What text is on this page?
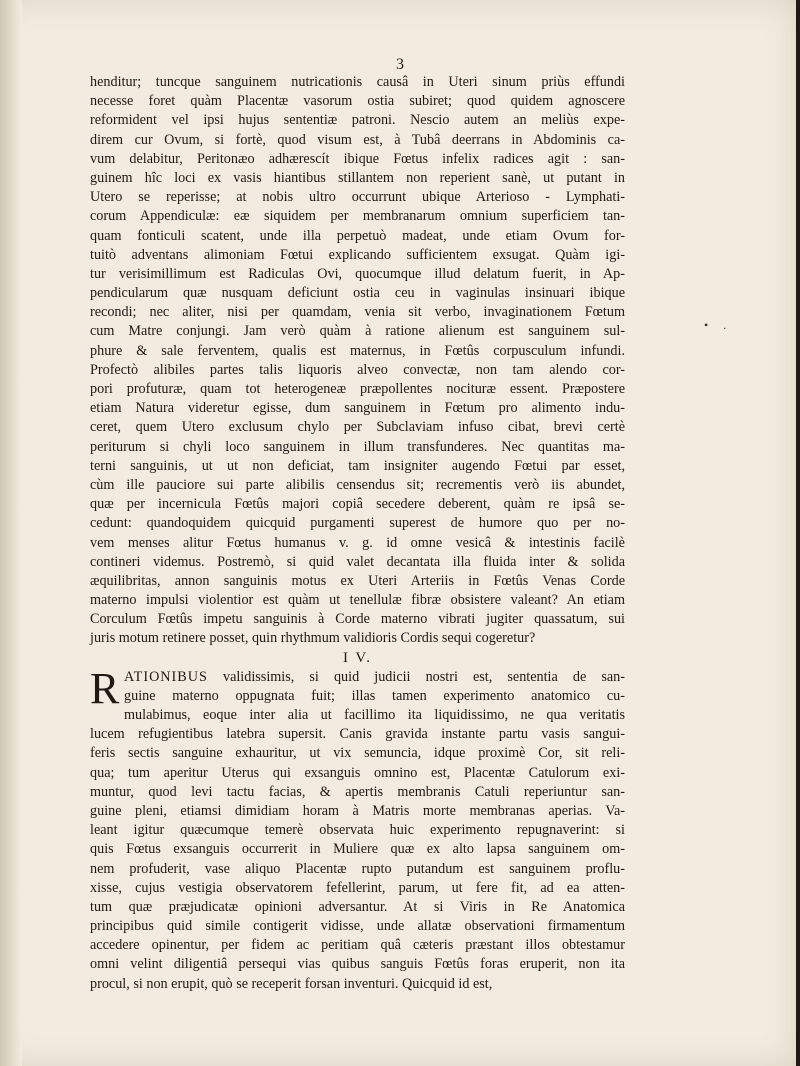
3
• .
henditur; tuncque sanguinem nutricationis causâ in Uteri sinum priùs effundi
necesse foret quàm Placentæ vasorum ostia subiret; quod quidem agnoscere
reformident vel ipsi hujus sententiæ patroni. Nescio autem an meliùs expe-
direm cur Ovum, si fortè, quod visum est, à Tubâ deerrans in Abdominis ca-
vum delabitur, Peritonæo adhærescít ibique Fœtus infelix radices agit : san-
guinem hîc loci ex vasis hiantibus stillantem non reperient sanè, ut putant in
Utero se reperisse; at nobis ultro occurrunt ubique Arterioso - Lymphati-
corum Appendiculæ: eæ siquidem per membranarum omnium superficiem tan-
quam fonticuli scatent, unde illa perpetuò madeat, unde etiam Ovum for-
tuitò adventans alimoniam Fœtui explicando sufficientem exsugat. Quàm igi-
tur verisimillimum est Radiculas Ovi, quocumque illud delatum fuerit, in Ap-
pendicularum quæ nusquam deficiunt ostia ceu in vaginulas insinuari ibique
recondi; nec aliter, nisi per quamdam, venia sit verbo, invaginationem Fœtum
cum Matre conjungi. Jam verò quàm à ratione alienum est sanguinem sul-
phure & sale ferventem, qualis est maternus, in Fœtûs corpusculum infundi.
Profectò alibiles partes talis liquoris alveo convectæ, non tam alendo cor-
pori profuturæ, quam tot heterogeneæ præpollentes nocituræ essent. Præpostere
etiam Natura videretur egisse, dum sanguinem in Fœtum pro alimento indu-
ceret, quem Utero exclusum chylo per Subclaviam infuso cibat, brevi certè
periturum si chyli loco sanguinem in illum transfunderes. Nec quantitas ma-
terni sanguinis, ut ut non deficiat, tam insigniter augendo Fœtui par esset,
cùm ille pauciore sui parte alibilis censendus sit; recrementis verò iis abundet,
quæ per incernicula Fœtûs majori copiâ secedere deberent, quàm re ipsâ se-
cedunt: quandoquidem quicquid purgamenti superest de humore quo per no-
vem menses alitur Fœtus humanus v. g. id omne vesicâ & intestinis facilè
contineri videmus. Postremò, si quid valet decantata illa fluida inter & solida
æquilibritas, annon sanguinis motus ex Uteri Arteriis in Fœtûs Venas Corde
materno impulsi violentior est quàm ut tenellulæ fibræ obsistere valeant? An etiam
Corculum Fœtûs impetu sanguinis à Corde materno vibrati jugiter quassatum, sui
juris motum retinere posset, quin rhythmum validioris Cordis sequi cogeretur?
I V.
R ATIONIBUS validissimis, si quid judicii nostri est, sententia de san-
guine materno oppugnata fuit; illas tamen experimento anatomico cu-
mulabimus, eoque inter alia ut facillimo ita liquidissimo, ne qua veritatis
lucem refugientibus latebra supersit. Canis gravida instante partu vasis sangui-
feris sectis sanguine exhauritur, ut vix semuncia, idque proximè Cor, sit reli-
qua; tum aperitur Uterus qui exsanguis omnino est, Placentæ Catulorum exi-
muntur, quod levi tactu facias, & apertis membranis Catuli reperiuntur san-
guine pleni, etiamsi dimidiam horam à Matris morte membranas aperias. Va-
leant igitur quæcumque temerè observata huic experimento repugnaverint: si
quis Fœtus exsanguis occurrerit in Muliere quæ ex alto lapsa sanguinem om-
nem profuderit, vase aliquo Placentæ rupto putandum est sanguinem proflu-
xisse, cujus vestigia observatorem fefellerint, parum, ut fere fit, ad ea atten-
tum quæ præjudicatæ opinioni adversantur. At si Viris in Re Anatomica
principibus quid simile contigerit vidisse, unde allatæ observationi firmamentum
accedere opinentur, per fidem ac peritiam quâ cæteris præstant illos obtestamur
omni velint diligentiâ persequi vias quibus sanguis Fœtûs foras eruperit, non ita
procul, si non erupit, quò se receperit forsan inventuri. Quicquid id est,
